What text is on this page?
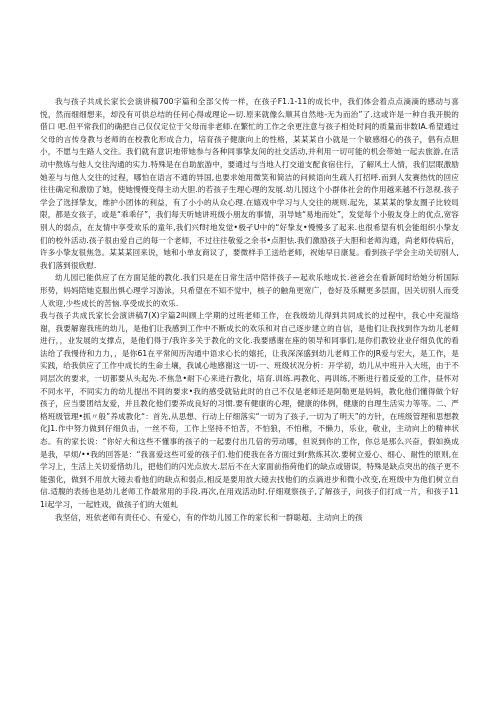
我与孩子共成长家长会演讲稿700字篇和全部父传一样，在孩子F1.1-11的成长中，我们体会着点点滴滴的感动与喜悦，然而细细想来，却没有可供总结的任何心得或理论—切.原来就像么顺其自然地-无为而治”了.这或许是一种自我开脱的借口 吧.但平常我们的确把自己仅仅定位于父母而非老师.在繁忙的工作之余更注意与孩子相处时间的质量而非数IA.希望通过父母的言传身教与老师的在校教化形成合力，培育孩子健康向上的性格，某某某自小就是一个敏感细心的孩子，倡有点胆小，不愿与生路人交往。我们就有意识地带她参与各种同事挚友间的社交活动,并利用一切可能的机会带她一起去旅游,在活动中熬炼与他人交往沟通的实力.特殊是在自助旅游中，要通过与当地人打交道支配食宿住行，了解风土人情，我们层眠激励她差与与他人交往的过程，哪怕在语言不通的异国,也要求她用微笑和简洁的问候语向生疏人打招呼.而到人发赛热忱的回应往往确定和激励了她，使她慢慢变得主动大胆.的若孩子生理心理的发展.幼儿园这个小群体社会的作用越来越不行忽视.孩子学会了选择挚友，维护小团体的利益，有了小小的从众心理.在嬉戏中学习与人交往的规则.起先，某某某的挚友圈子比较局限，都是女孩子，或是“乖乖仔”，我们每天听她讲班级小朋友的事情，羽导她“易地而处”，发觉每个小般友身上的优点,宽容别人的弱点，在友情中享受欢乐的童年,我们兴f时地发觉•极孑U中的“好挚友•慢慢多了起来.也很希望有机会能组织小挚友们的校外活动.孩子很由爱自己的每一个老师，不过往往敬爱之余书•点胆怯.我们激励孩子大胆和老师沟通，尚老师传病后，许多小挚友很焦急。某某某回来说，她和小单友商议了，要微样手工送给老师，祝她早日康复。看到孩子学会主动关切别人,我们落到很欣慰.

幼儿园已能供应了在方面足能的教化.我们只是在日常生活中陪伴孩子—起欢乐地成长.爸爸会在看新闻时给她分析国际形势，妈妈陪她克服出惧心理学习游泳，只希望在不知不觉中，核子的触角更宽广，卷好及乐糊更多层面，因关切别人而受人欢迎,少些成长的苦恼.享受成长的欢乐.

我与孩子共成氏家长会演讲稿7(X)字篇2叫顾上学期的过班老师工作，在我级幼儿得到共同成长的过程中，我心中充溢络谢，我要解谢我班的幼儿，是他们让我感到工作中不断成长的欢乐和对自己逐步建立的自信，是他们让我找到作为幼儿老师进行，，业发展的支撑点，是他们得于/我许多关于教化的文化.我要感谢在座的领导和同事们,是你们教铰业业仔细负优的看法给了我慢侍和力力，，是你61在平常阅历沟通中语求心长的嬉托，让我深深盛到幼儿老师工作的JR爱与宏大，是工作，是实践，给我供应了工作中成长的生命土壤，我诚心地感谢这一切-一、班级状况分析：开学初，幼儿从中班升入大班，由于不同层次的要求，一切都要从头起先.不焦急•耐下心来进行教化，培育.训练.再教化、再训练,不断进行着反爱的工作，昼怀对不同水平，不同实力的幼儿提出不同的要求•我的感受就钻此时的自己不仅是老师还是阿勒更是妈妈，教化他们懂得做个好孩子，应当要团结友爱，并且教化他们要养成良好的习惯.要有健康的心理，健康的体例，健康的自理生活实力等等。二、严格班级管理•抓〃般”养成教化“：首先,从思想、行动上仔细落实“一切为了孩子,一切为了明天”的方针，在班级管理和思想教化J1.作中努力做到仔细负击，一丝不苟，工作上坚持不怕苦，不怕狼，不怕稚，不懒力，乐业，敬业，主动向上的精神状态。有的家长说：“你好大和这些不懂事的孩子的一起要付出几倍的劳动哪，但说到你的工作，你总是那么兴奋，假如换成是我，早烦/••我的回答是：“我喜爱这些可爱的孩子们.他们使我在各方面过到r熬炼其次.要树立爱心、细心、耐性的原则,在学习上，生活上关切爱惜幼儿，把他们的闪光点放大.层后不在大家面前指荷他们的缺点或错误，特殊是缺点突出的孩子更不能强化，做到不用放大镜去看他们的缺点和弱点,相反是要用放大镜去找他们的点滴进步和微小改变,在班级中为他们树立自信.适腹的表扬也是幼儿老师工作最常用的手段.再次,在用戏活动时.仔细观察孩子,了解孩子，问孩子们打成一片，和孩子111i起学习，一起姓戏，做孩子们的大姐虬

我坚信，班依老师有责任心、有爱心，有的作幼儿园工作的家长和一群聪超、主动向上的孩
